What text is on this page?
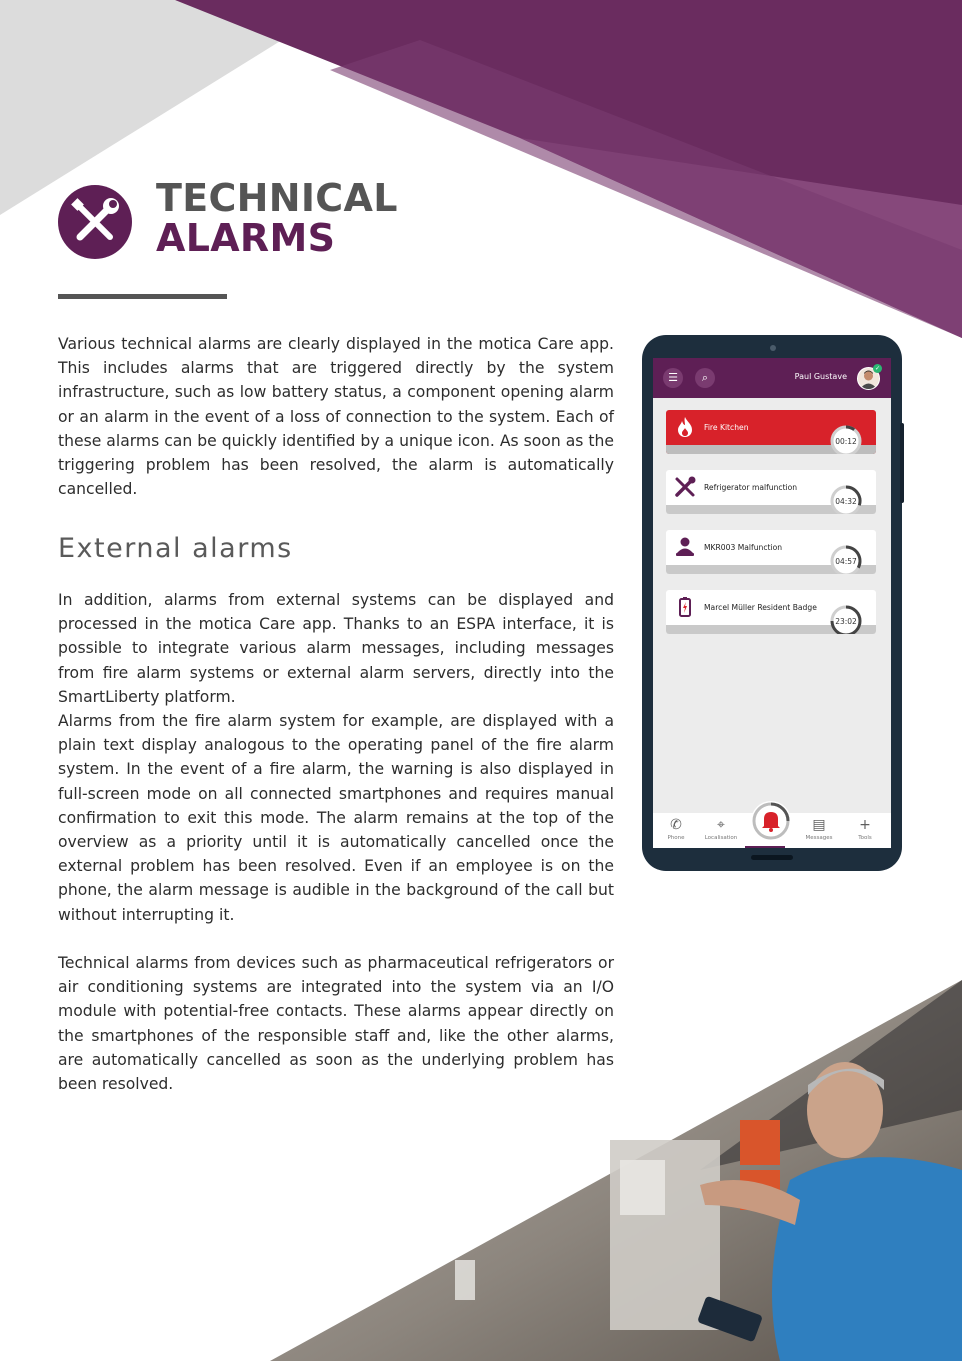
TECHNICAL
ALARMS

Various technical alarms are clearly displayed in the motica Care app. This includes alarms that are triggered directly by the system infrastructure, such as low battery status, a component opening alarm or an alarm in the event of a loss of connection to the system. Each of these alarms can be quickly identified by a unique icon. As soon as the triggering problem has been resolved, the alarm is automatically cancelled.

External alarms

In addition, alarms from external systems can be displayed and processed in the motica Care app. Thanks to an ESPA interface, it is possible to integrate various alarm messages, including messages from fire alarm systems or external alarm servers, directly into the SmartLiberty platform.

Alarms from the fire alarm system for example, are displayed with a plain text display analogous to the operating panel of the fire alarm system. In the event of a fire alarm, the warning is also displayed in full-screen mode on all connected smartphones and requires manual confirmation to exit this mode. The alarm remains at the top of the overview as a priority until it is automatically cancelled once the external problem has been resolved. Even if an employee is on the phone, the alarm message is audible in the background of the call but without interrupting it.

Technical alarms from devices such as pharmaceutical refrigerators or air conditioning systems are integrated into the system via an I/O module with potential-free contacts. These alarms appear directly on the smartphones of the responsible staff and, like the other alarms, are automatically cancelled as soon as the underlying problem has been resolved.

☰	⌕	Paul Gustave
✓
Fire Kitchen
00:12
Refrigerator malfunction
04:32
MKR003 Malfunction
04:57
Marcel Müller Resident Badge
23:02
✆
Phone
⌖
Localisation
▤
Messages
+
Tools
